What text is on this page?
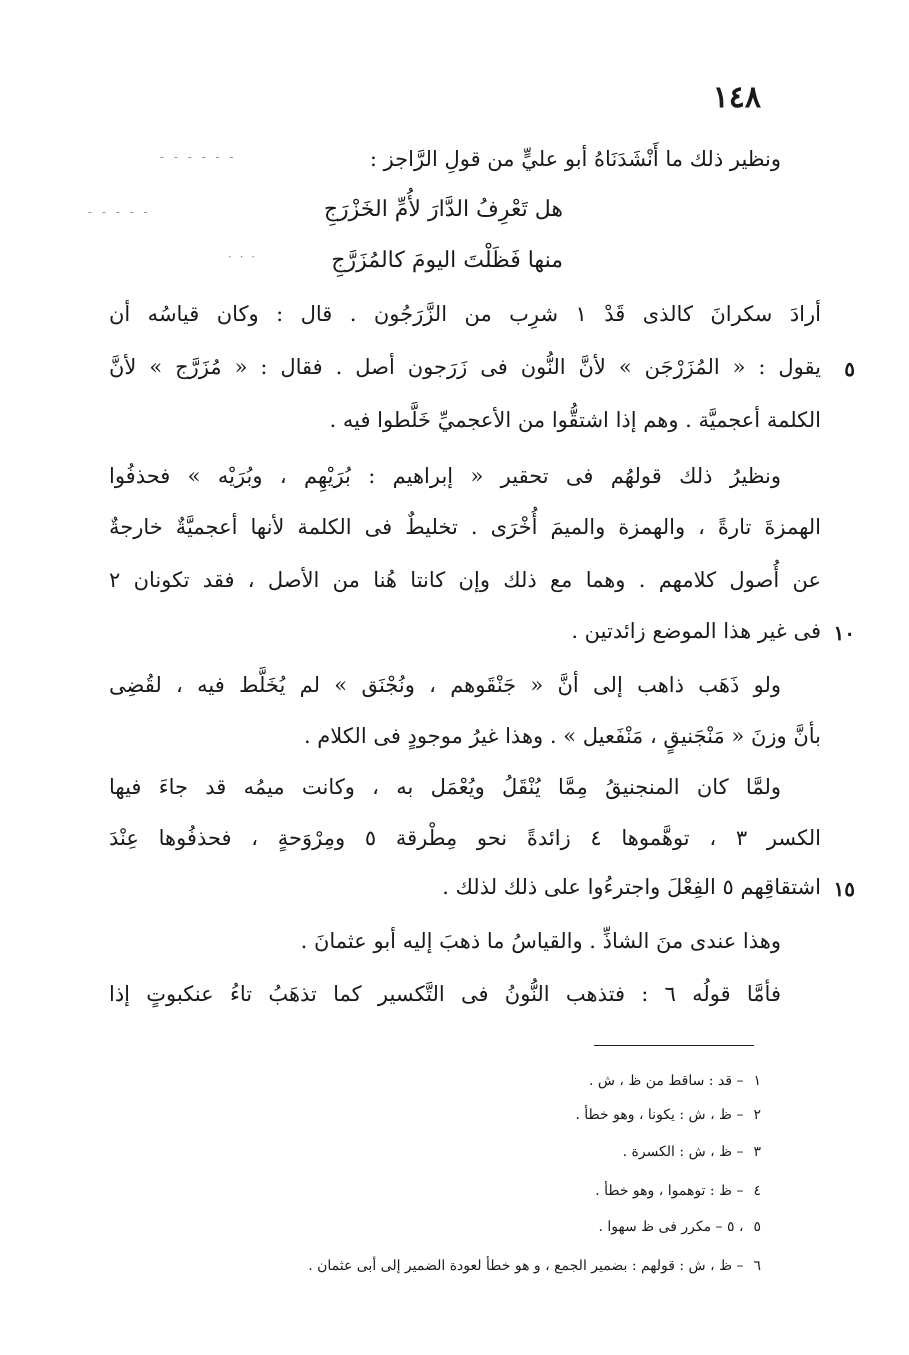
١٤٨
- - - - - -
- - - - -
· · ·
ونظير ذلك ما أَنْشَدَنَاهُ أبو عليٍّ من قولِ الرَّاجز :
هل تَعْرِفُ الدَّارَ لأُمِّ الخَزْرَجِ
منها فَظَلْتَ اليومَ كالمُزَرَّجِ
أرادَ سكرانَ كالذى قَدْ ١ شرِب من الزَّرَجُون . قال : وكان قياسُه أن
٥
يقول : « المُزَرْجَن » لأنَّ النُّون فى زَرَجون أصل . فقال : « مُزَرَّج » لأنَّ
الكلمة أعجميَّة . وهم إذا اشتقُّوا من الأعجميِّ خَلَّطوا فيه .
ونظيرُ ذلك قولهُم فى تحقير « إبراهيم : بُرَيْهِم ، وبُرَيْه » فحذفُوا
الهمزةَ تارةً ، والهمزة والميمَ أُخْرَى . تخليطٌ فى الكلمة لأنها أعجميَّةٌ خارجةٌ
عن أُصول كلامهم . وهما مع ذلك وإن كانتا هُنا من الأصل ، فقد تكونان ٢
١٠
فى غير هذا الموضع زائدتين .
ولو ذَهَب ذاهب إلى أنَّ « جَنْقَوهم ، ونُجْنَق » لم يُخَلَّط فيه ، لقُضِى
بأنَّ وزنَ « مَنْجَنيقٍ ، مَنْفَعيل » . وهذا غيرُ موجودٍ فى الكلام .
ولمَّا كان المنجنيقُ مِمَّا يُنْقَلُ ويُعْمَل به ، وكانت ميمُه قد جاءَ فيها
الكسر ٣ ، توهَّموها ٤ زائدةً نحو مِطْرقة ٥ ومِرْوَحةٍ ، فحذفُوها عِنْدَ
١٥
اشتقاقِهم ٥ الفِعْلَ واجترءُوا على ذلك لذلك .
وهذا عندى منَ الشاذِّ . والقياسُ ما ذهبَ إليه أبو عثمانَ .
فأمَّا قولُه ٦ : فتذهب النُّونُ فى التَّكسير كما تذهَبُ تاءُ عنكبوتٍ إذا
١– قد : ساقط من ظ ، ش .
٢– ظ ، ش : يكونا ، وهو خطأ .
٣– ظ ، ش : الكسرة .
٤– ظ : توهموا ، وهو خطأ .
٥، ٥ – مكرر فى ظ سهوا .
٦– ظ ، ش : قولهم : بضمير الجمع ، و هو خطأ لعودة الضمير إلى أبى عثمان .
